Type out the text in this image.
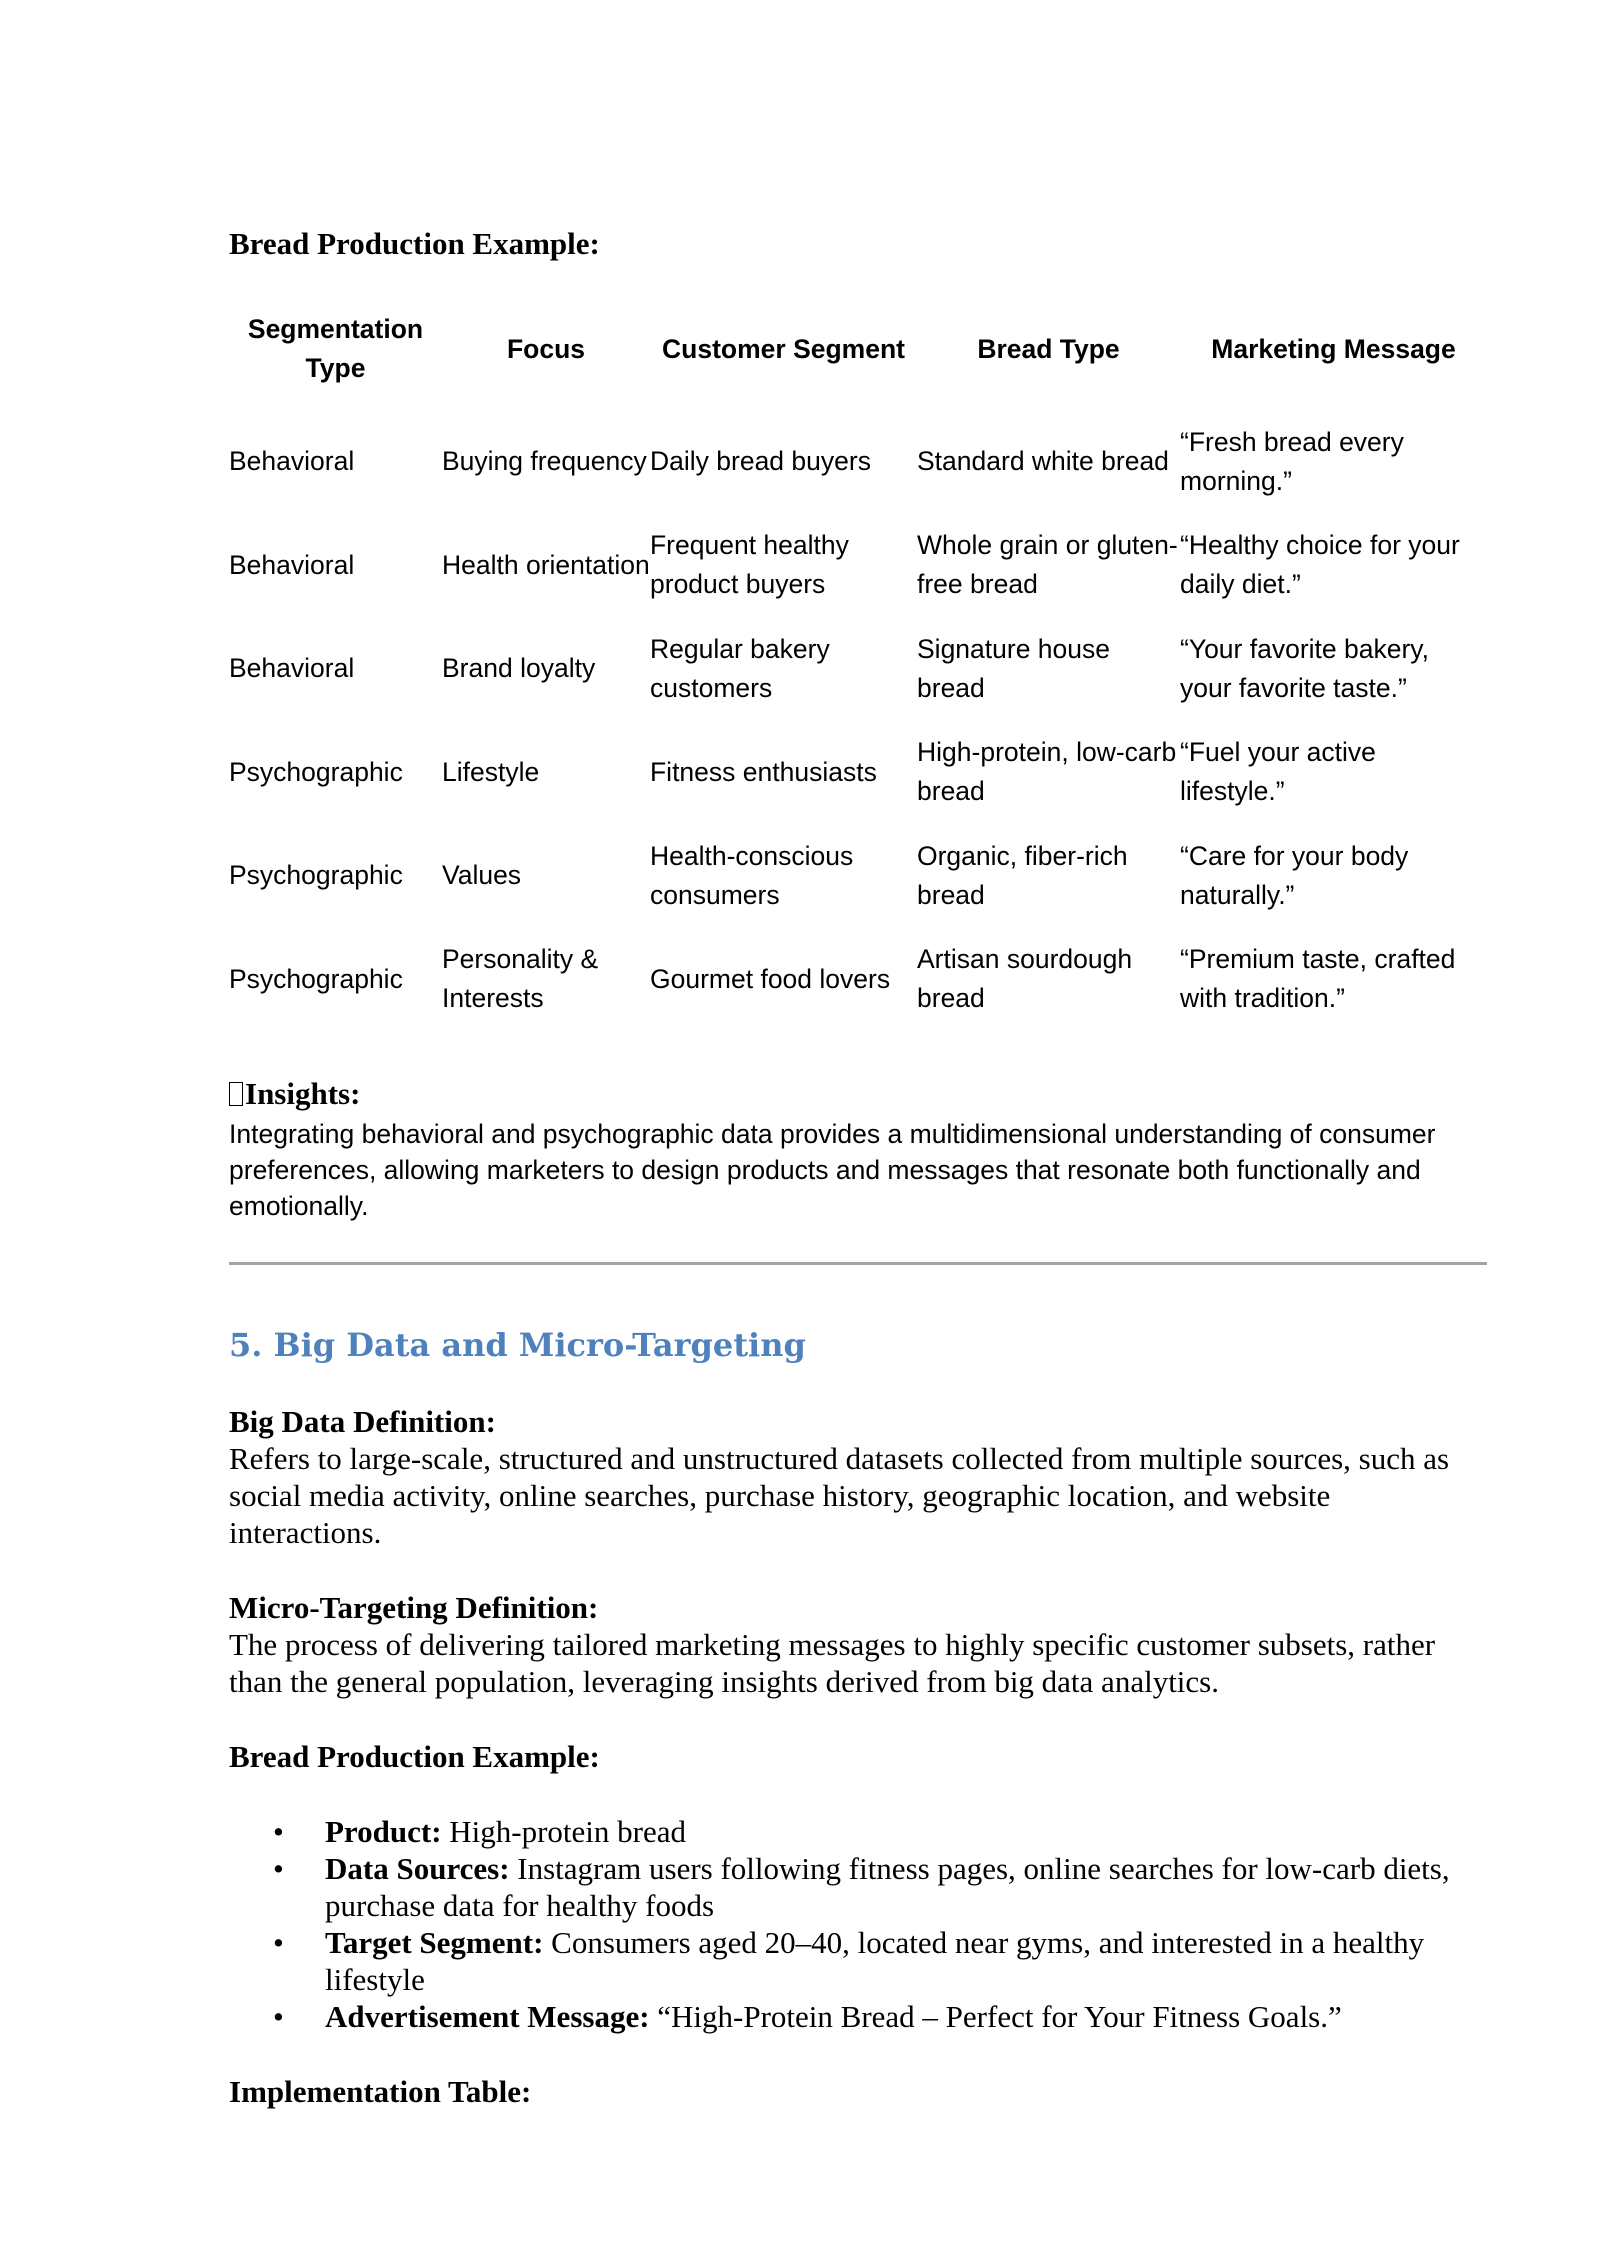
Bread Production Example:
Segmentation Type	Focus	Customer Segment	Bread Type	Marketing Message
Behavioral	Buying frequency	Daily bread buyers	Standard white bread	“Fresh bread every morning.”
Behavioral	Health orientation	Frequent healthy product buyers	Whole grain or gluten-free bread	“Healthy choice for your daily diet.”
Behavioral	Brand loyalty	Regular bakery customers	Signature house bread	“Your favorite bakery, your favorite taste.”
Psychographic	Lifestyle	Fitness enthusiasts	High-protein, low-carb bread	“Fuel your active lifestyle.”
Psychographic	Values	Health-conscious consumers	Organic, fiber-rich bread	“Care for your body naturally.”
Psychographic	Personality & Interests	Gourmet food lovers	Artisan sourdough bread	“Premium taste, crafted with tradition.”
Insights:
Integrating behavioral and psychographic data provides a multidimensional understanding of consumer preferences, allowing marketers to design products and messages that resonate both functionally and emotionally.
5. Big Data and Micro-Targeting
Big Data Definition:
Refers to large-scale, structured and unstructured datasets collected from multiple sources, such as social media activity, online searches, purchase history, geographic location, and website interactions.
Micro-Targeting Definition:
The process of delivering tailored marketing messages to highly specific customer subsets, rather than the general population, leveraging insights derived from big data analytics.
Bread Production Example:
• Product: High-protein bread
• Data Sources: Instagram users following fitness pages, online searches for low-carb diets, purchase data for healthy foods
• Target Segment: Consumers aged 20–40, located near gyms, and interested in a healthy lifestyle
• Advertisement Message: “High-Protein Bread – Perfect for Your Fitness Goals.”
Implementation Table:
